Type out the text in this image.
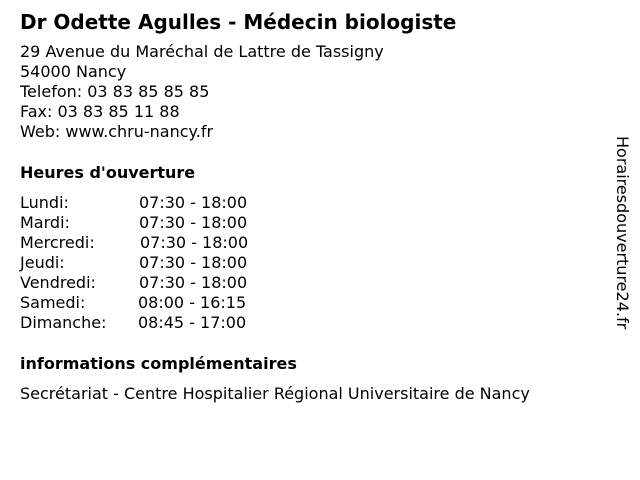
Dr Odette Agulles - Médecin biologiste
29 Avenue du Maréchal de Lattre de Tassigny
54000 Nancy
Telefon: 03 83 85 85 85
Fax: 03 83 85 11 88
Web: www.chru-nancy.fr
Heures d'ouverture
Lundi:	07:30 - 18:00
Mardi:	07:30 - 18:00
Mercredi:	07:30 - 18:00
Jeudi:	07:30 - 18:00
Vendredi:	07:30 - 18:00
Samedi:	08:00 - 16:15
Dimanche: 08:45 - 17:00
informations complémentaires
Secrétariat - Centre Hospitalier Régional Universitaire de Nancy
Horairesdouverture24.fr
